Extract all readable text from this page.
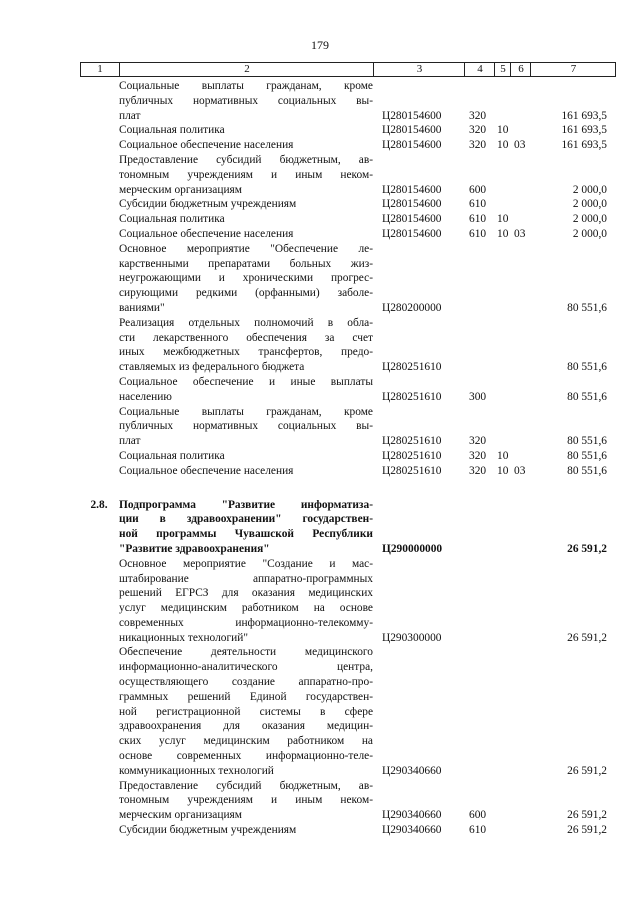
179
1	2	3	4	5	6	7
Социальные выплаты гражданам, кроме
публичных нормативных социальных вы-
плат	Ц280154600	320	161 693,5
Социальная политика	Ц280154600	320 10	161 693,5
Социальное обеспечение населения	Ц280154600	320 10 03	161 693,5
Предоставление субсидий бюджетным, ав-
тономным учреждениям и иным неком-
мерческим организациям	Ц280154600	600	2 000,0
Субсидии бюджетным учреждениям	Ц280154600	610	2 000,0
Социальная политика	Ц280154600	610 10	2 000,0
Социальное обеспечение населения	Ц280154600	610 10 03	2 000,0
Основное мероприятие "Обеспечение ле-
карственными препаратами больных жиз-
неугрожающими и хроническими прогрес-
сирующими редкими (орфанными) заболе-
ваниями"	Ц280200000	80 551,6
Реализация отдельных полномочий в обла-
сти лекарственного обеспечения за счет
иных межбюджетных трансфертов, предо-
ставляемых из федерального бюджета	Ц280251610	80 551,6
Социальное обеспечение и иные выплаты
населению	Ц280251610	300	80 551,6
Социальные выплаты гражданам, кроме
публичных нормативных социальных вы-
плат	Ц280251610	320	80 551,6
Социальная политика	Ц280251610	320 10	80 551,6
Социальное обеспечение населения	Ц280251610	320 10 03	80 551,6
2.8.	Подпрограмма "Развитие информатиза-
ции в здравоохранении" государствен-
ной программы Чувашской Республики
"Развитие здравоохранения"	Ц290000000	26 591,2
Основное мероприятие "Создание и мас-
штабирование аппаратно-программных
решений ЕГРСЗ для оказания медицинских
услуг медицинским работником на основе
современных информационно-телекомму-
никационных технологий"	Ц290300000	26 591,2
Обеспечение деятельности медицинского
информационно-аналитического центра,
осуществляющего создание аппаратно-про-
граммных решений Единой государствен-
ной регистрационной системы в сфере
здравоохранения для оказания медицин-
ских услуг медицинским работником на
основе современных информационно-теле-
коммуникационных технологий	Ц290340660	26 591,2
Предоставление субсидий бюджетным, ав-
тономным учреждениям и иным неком-
мерческим организациям	Ц290340660	600	26 591,2
Субсидии бюджетным учреждениям	Ц290340660	610	26 591,2
